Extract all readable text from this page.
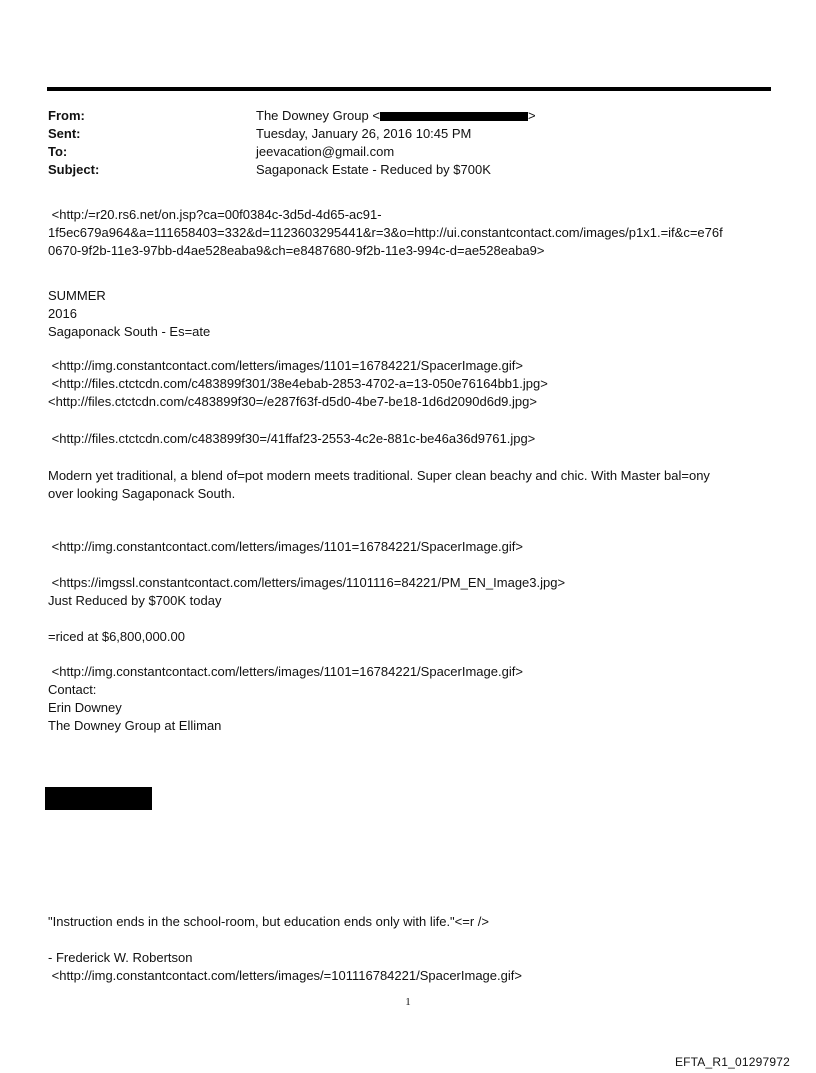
From:	The Downey Group <	>
Sent:	Tuesday, January 26, 2016 10:45 PM
To:	jeevacation@gmail.com
Subject:	Sagaponack Estate - Reduced by $700K

<http:/=r20.rs6.net/on.jsp?ca=00f0384c-3d5d-4d65-ac91-
1f5ec679a964&a=111658403=332&d=1123603295441&r=3&o=http://ui.constantcontact.com/images/p1x1.=if&c=e76f
0670-9f2b-11e3-97bb-d4ae528eaba9&ch=e8487680-9f2b-11e3-994c-d=ae528eaba9>

SUMMER
2016
Sagaponack South - Es=ate

<http://img.constantcontact.com/letters/images/1101=16784221/SpacerImage.gif>
<http://files.ctctcdn.com/c483899f301/38e4ebab-2853-4702-a=13-050e76164bb1.jpg>
<http://files.ctctcdn.com/c483899f30=/e287f63f-d5d0-4be7-be18-1d6d2090d6d9.jpg>

<http://files.ctctcdn.com/c483899f30=/41ffaf23-2553-4c2e-881c-be46a36d9761.jpg>

Modern yet traditional, a blend of=pot modern meets traditional. Super clean beachy and chic. With Master bal=ony
over looking Sagaponack South.

<http://img.constantcontact.com/letters/images/1101=16784221/SpacerImage.gif>

<https://imgssl.constantcontact.com/letters/images/1101116=84221/PM_EN_Image3.jpg>
Just Reduced by $700K today

=riced at $6,800,000.00

<http://img.constantcontact.com/letters/images/1101=16784221/SpacerImage.gif>
Contact:
Erin Downey
The Downey Group at Elliman

"Instruction ends in the school-room, but education ends only with life."<=r />

- Frederick W. Robertson
<http://img.constantcontact.com/letters/images/=101116784221/SpacerImage.gif>

1
EFTA_R1_01297972
